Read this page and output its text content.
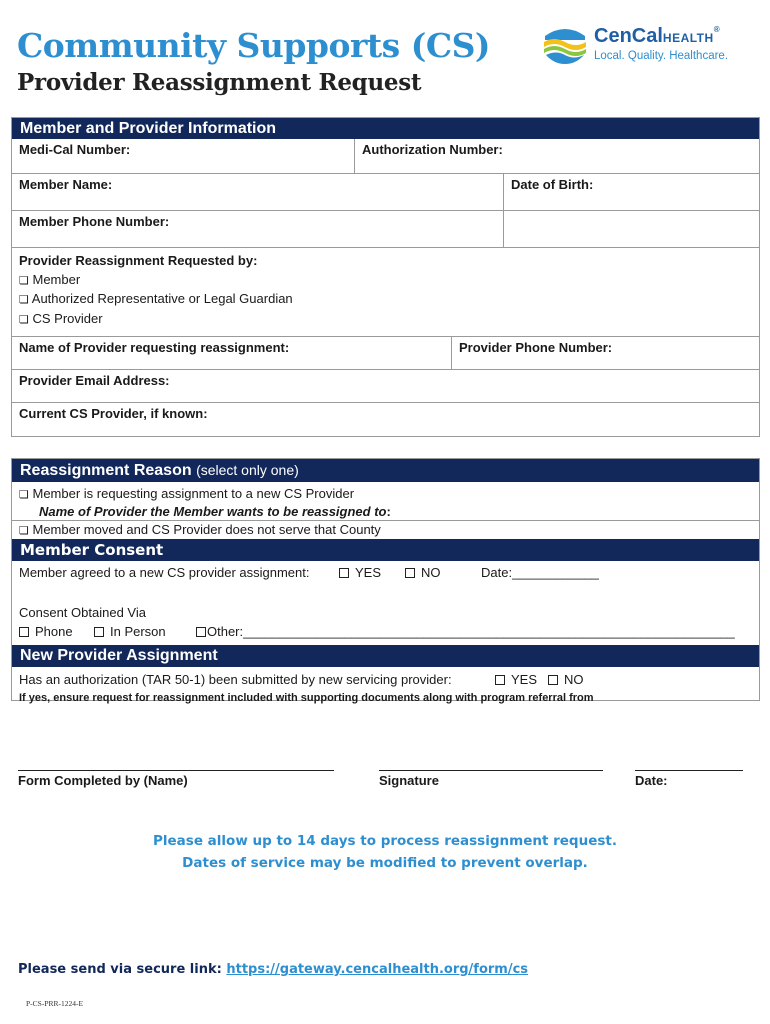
Community Supports (CS)
Provider Reassignment Request
CenCalHEALTH®
Local. Quality. Healthcare.
Member and Provider Information
Medi-Cal Number:	Authorization Number:
Member Name:	Date of Birth:
Member Phone Number:
Provider Reassignment Requested by:
❏ Member
❏ Authorized Representative or Legal Guardian
❏ CS Provider
Name of Provider requesting reassignment:	Provider Phone Number:
Provider Email Address:
Current CS Provider, if known:
Reassignment Reason (select only one)
❏ Member is requesting assignment to a new CS Provider
Name of Provider the Member wants to be reassigned to:
❏ Member moved and CS Provider does not serve that County
Member Consent
Member agreed to a new CS provider assignment:	YES	NO	Date:____________
Consent Obtained Via
Phone	In Person	Other:____________________________________________________________________
New Provider Assignment
Has an authorization (TAR 50-1) been submitted by new servicing provider:	YES	NO
If yes, ensure request for reassignment included with supporting documents along with program referral from
Form Completed by (Name)	Signature	Date:
Please allow up to 14 days to process reassignment request.
Dates of service may be modified to prevent overlap.
Please send via secure link: https://gateway.cencalhealth.org/form/cs
P-CS-PRR-1224-E
